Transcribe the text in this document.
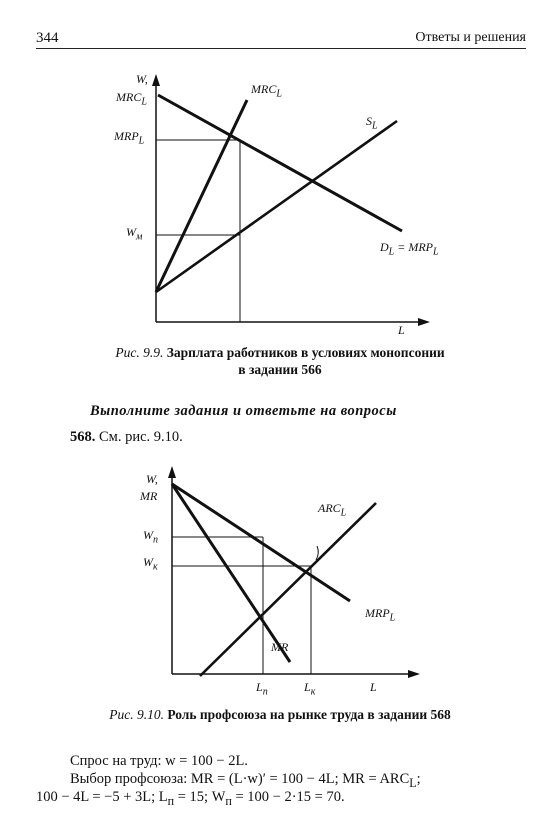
344	Ответы и решения
W,
$MRC_L$
$MRP_L$
$W_м$
$MRC_L$
$S_L$
$D_L = MRP_L$
L
Рис. 9.9. Зарплата работников в условиях монопсонии
в задании 566
Выполните задания и ответьте на вопросы
568. См. рис. 9.10.
W,
MR
$W_п$
$W_к$
$ARC_L$
$MRP_L$
MR
$L_п$	$L_к$	L
Рис. 9.10. Роль профсоюза на рынке труда в задании 568
Спрос на труд: w = 100 − 2L.
Выбор профсоюза: MR = (L·w)′ = 100 − 4L; MR = $ARC_L$;
100 − 4L = −5 + 3L; $L_п = 15$; $W_п = 100 - 2\cdot 15 = 70$.
